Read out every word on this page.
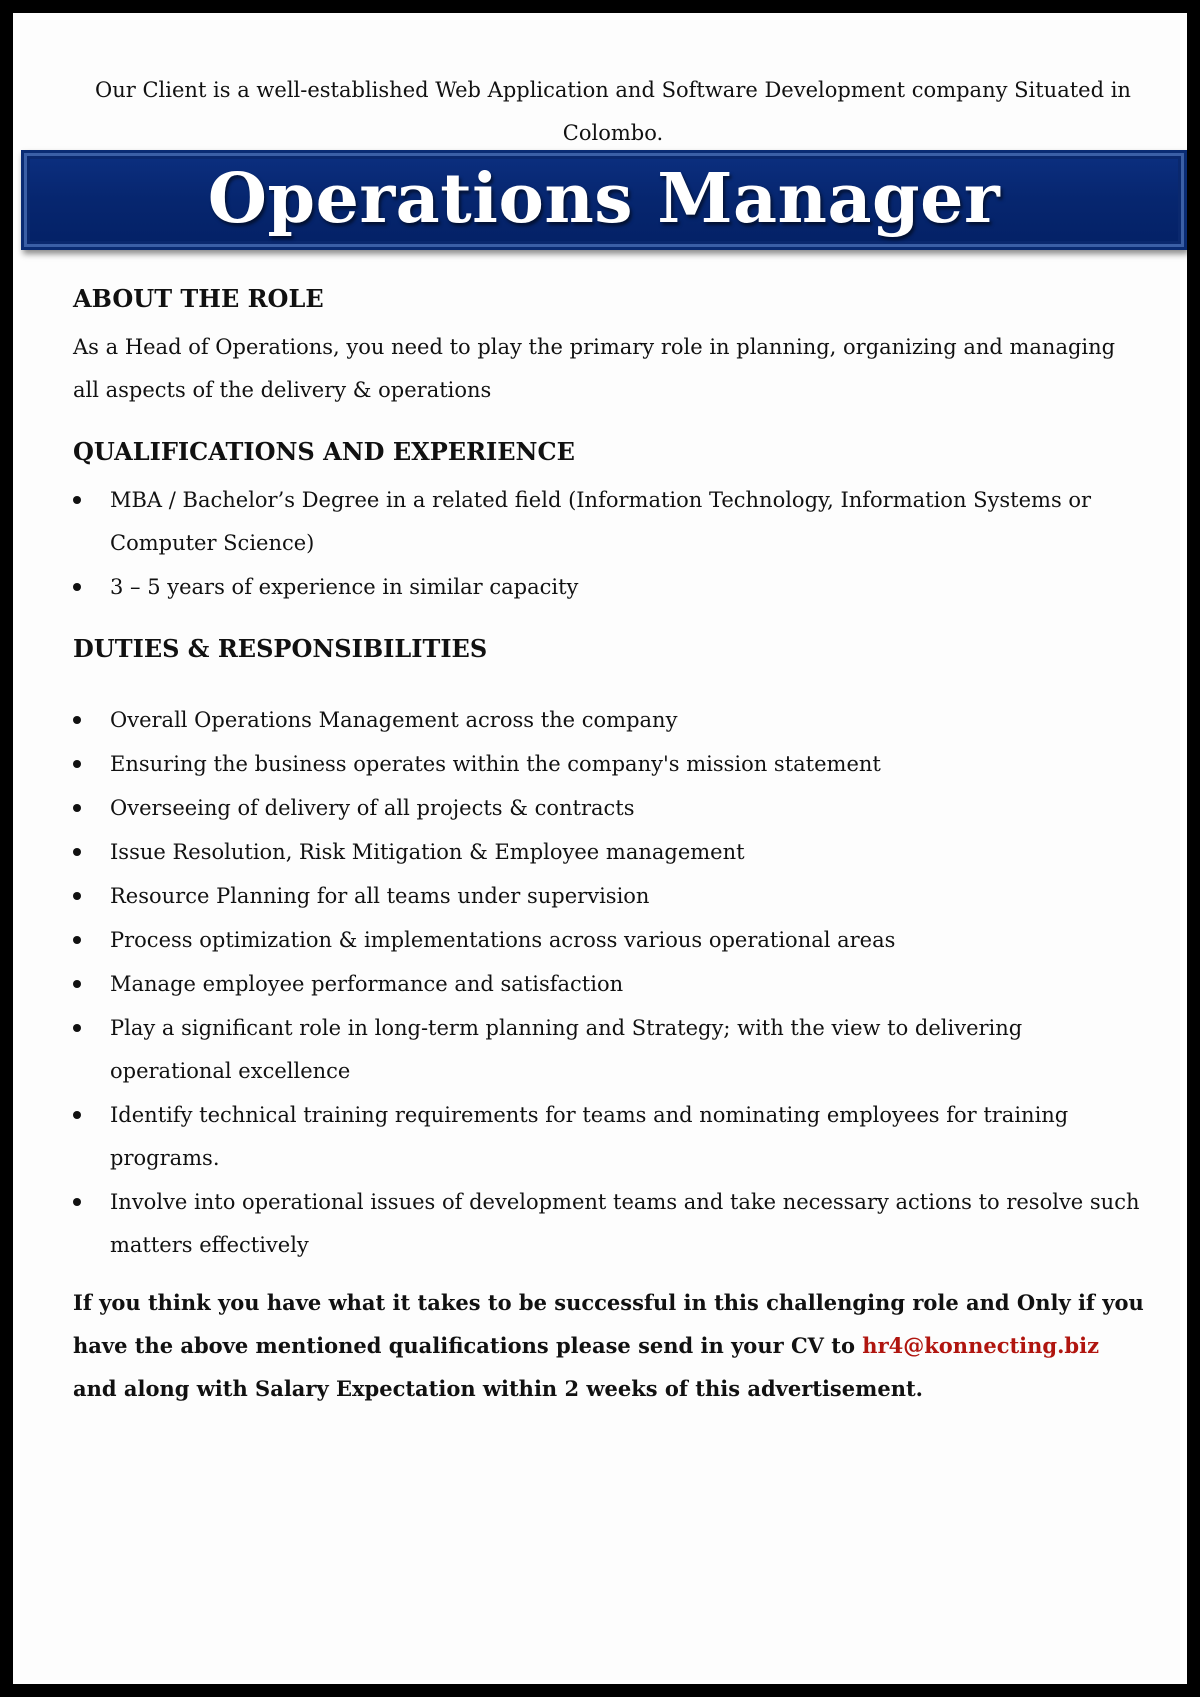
Our Client is a well-established Web Application and Software Development company Situated in Colombo.
Operations Manager
ABOUT THE ROLE

As a Head of Operations, you need to play the primary role in planning, organizing and managing all aspects of the delivery & operations

QUALIFICATIONS AND EXPERIENCE
MBA / Bachelor’s Degree in a related field (Information Technology, Information Systems or Computer Science)
3 – 5 years of experience in similar capacity
DUTIES & RESPONSIBILITIES
Overall Operations Management across the company
Ensuring the business operates within the company's mission statement
Overseeing of delivery of all projects & contracts
Issue Resolution, Risk Mitigation & Employee management
Resource Planning for all teams under supervision
Process optimization & implementations across various operational areas
Manage employee performance and satisfaction
Play a significant role in long-term planning and Strategy; with the view to delivering operational excellence
Identify technical training requirements for teams and nominating employees for training programs.
Involve into operational issues of development teams and take necessary actions to resolve such matters effectively

If you think you have what it takes to be successful in this challenging role and Only if you have the above mentioned qualifications please send in your CV to hr4@konnecting.biz and along with Salary Expectation within 2 weeks of this advertisement.
